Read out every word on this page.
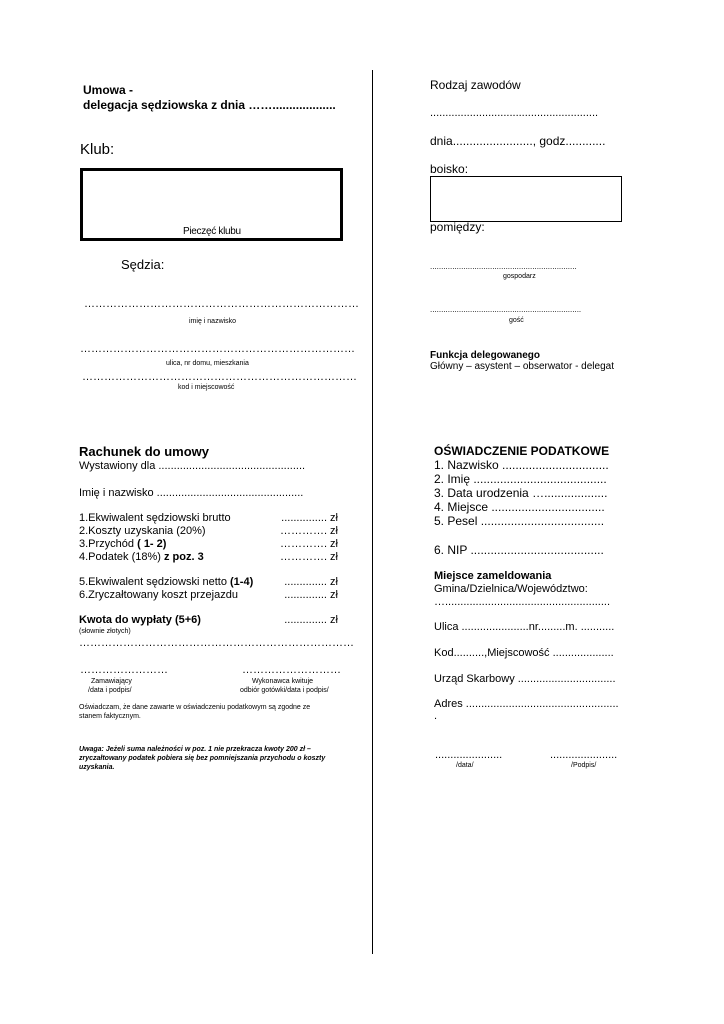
Umowa -
delegacja sędziowska z dnia ……...................
Klub:
Pieczęć klubu
Sędzia:
…………………………………………………………………
imię i nazwisko
…………………………………………………………………
ulica, nr domu, mieszkania
…………………………………………………………………
kod i miejscowość
Rodzaj zawodów
.......................................................
dnia........................, godz............
boisko:
pomiędzy:
..................................................................
gospodarz
....................................................................
gość
Funkcja delegowanego
Główny – asystent – obserwator - delegat
Rachunek do umowy
Wystawiony dla ................................................
Imię i nazwisko ................................................
1.Ekwiwalent sędziowski brutto	............... zł
2.Koszty uzyskania (20%)	…………. zł
3.Przychód ( 1- 2)	…………. zł
4.Podatek (18%) z poz. 3	…………. zł
5.Ekwiwalent sędziowski netto (1-4)	.............. zł
6.Zryczałtowany koszt przejazdu	.............. zł
Kwota do wypłaty (5+6)	.............. zł
(słownie złotych)
…………………………………………………………………
……………………
Zamawiający
/data i podpis/
………………………
Wykonawca kwituje
odbiór gotówki/data i podpis/
Oświadczam, że dane zawarte w oświadczeniu podatkowym są zgodne ze
stanem faktycznym.
Uwaga: Jeżeli suma należności w poz. 1 nie przekracza kwoty 200 zł –
zryczałtowany podatek pobiera się bez pomniejszania przychodu o koszty
uzyskania.
OŚWIADCZENIE PODATKOWE
1. Nazwisko ................................
2. Imię ........................................
3. Data urodzenia …...................
4. Miejsce ..................................
5. Pesel .....................................
6. NIP ........................................
Miejsce zameldowania
Gmina/Dzielnica/Województwo:
…......................................................
Ulica ......................nr.........m. ...........
Kod..........,Miejscowość ....................
Urząd Skarbowy ................................
Adres ..................................................
.
......................
/data/
......................
/Podpis/
